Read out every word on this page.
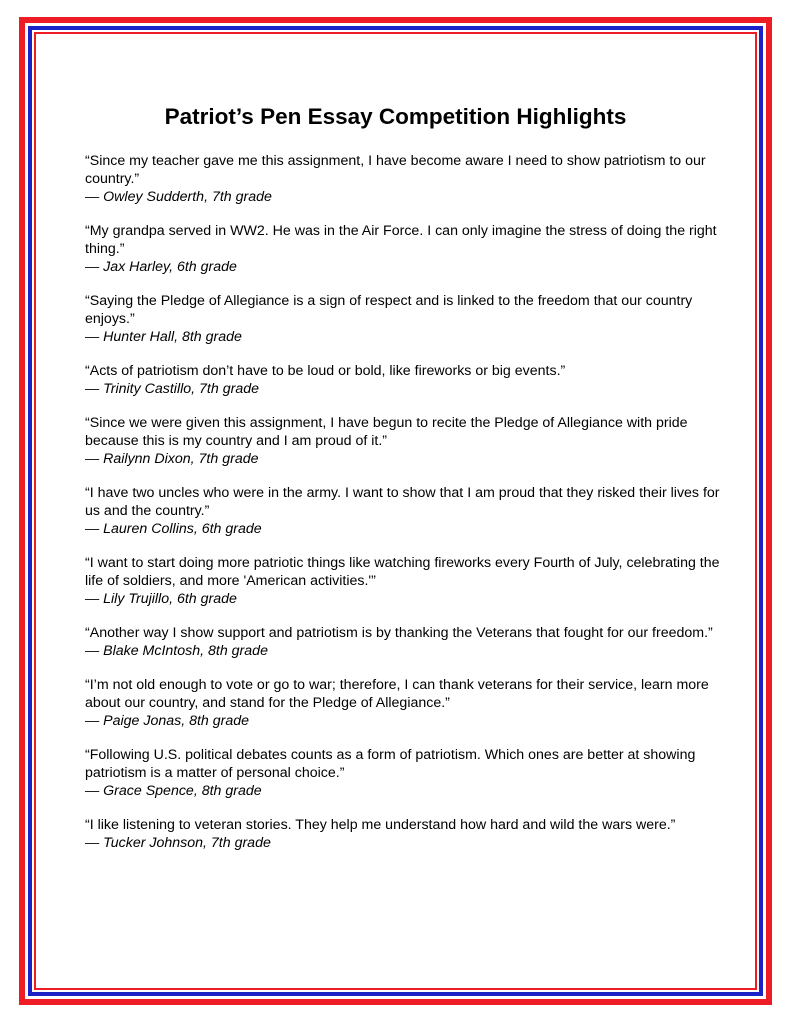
Patriot’s Pen Essay Competition Highlights
“Since my teacher gave me this assignment, I have become aware I need to show patriotism to our country.”
— Owley Sudderth, 7th grade
“My grandpa served in WW2. He was in the Air Force. I can only imagine the stress of doing the right thing.”
— Jax Harley, 6th grade
“Saying the Pledge of Allegiance is a sign of respect and is linked to the freedom that our country enjoys.”
— Hunter Hall, 8th grade
“Acts of patriotism don’t have to be loud or bold, like fireworks or big events.”
— Trinity Castillo, 7th grade
“Since we were given this assignment, I have begun to recite the Pledge of Allegiance with pride because this is my country and I am proud of it.”
— Railynn Dixon, 7th grade
“I have two uncles who were in the army. I want to show that I am proud that they risked their lives for us and the country.”
— Lauren Collins, 6th grade
“I want to start doing more patriotic things like watching fireworks every Fourth of July, celebrating the life of soldiers, and more 'American activities.'”
— Lily Trujillo, 6th grade
“Another way I show support and patriotism is by thanking the Veterans that fought for our freedom.”
— Blake McIntosh, 8th grade
“I’m not old enough to vote or go to war; therefore, I can thank veterans for their service, learn more about our country, and stand for the Pledge of Allegiance.”
— Paige Jonas, 8th grade
“Following U.S. political debates counts as a form of patriotism. Which ones are better at showing patriotism is a matter of personal choice.”
— Grace Spence, 8th grade
“I like listening to veteran stories. They help me understand how hard and wild the wars were.”
— Tucker Johnson, 7th grade
